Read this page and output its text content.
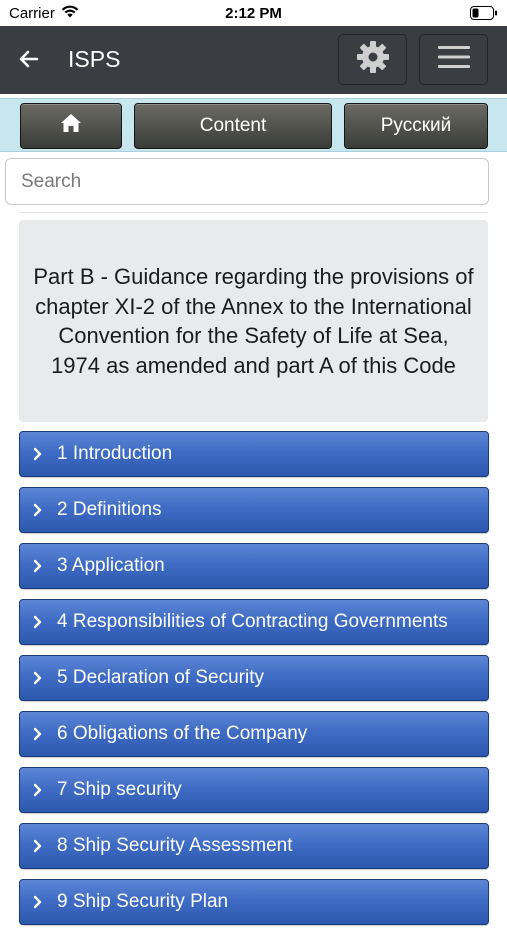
Carrier	2:12 PM
ISPS
Content	Русский
Search
Part B - Guidance regarding the provisions of chapter XI-2 of the Annex to the International Convention for the Safety of Life at Sea, 1974 as amended and part A of this Code
1 Introduction
2 Definitions
3 Application
4 Responsibilities of Contracting Governments
5 Declaration of Security
6 Obligations of the Company
7 Ship security
8 Ship Security Assessment
9 Ship Security Plan
